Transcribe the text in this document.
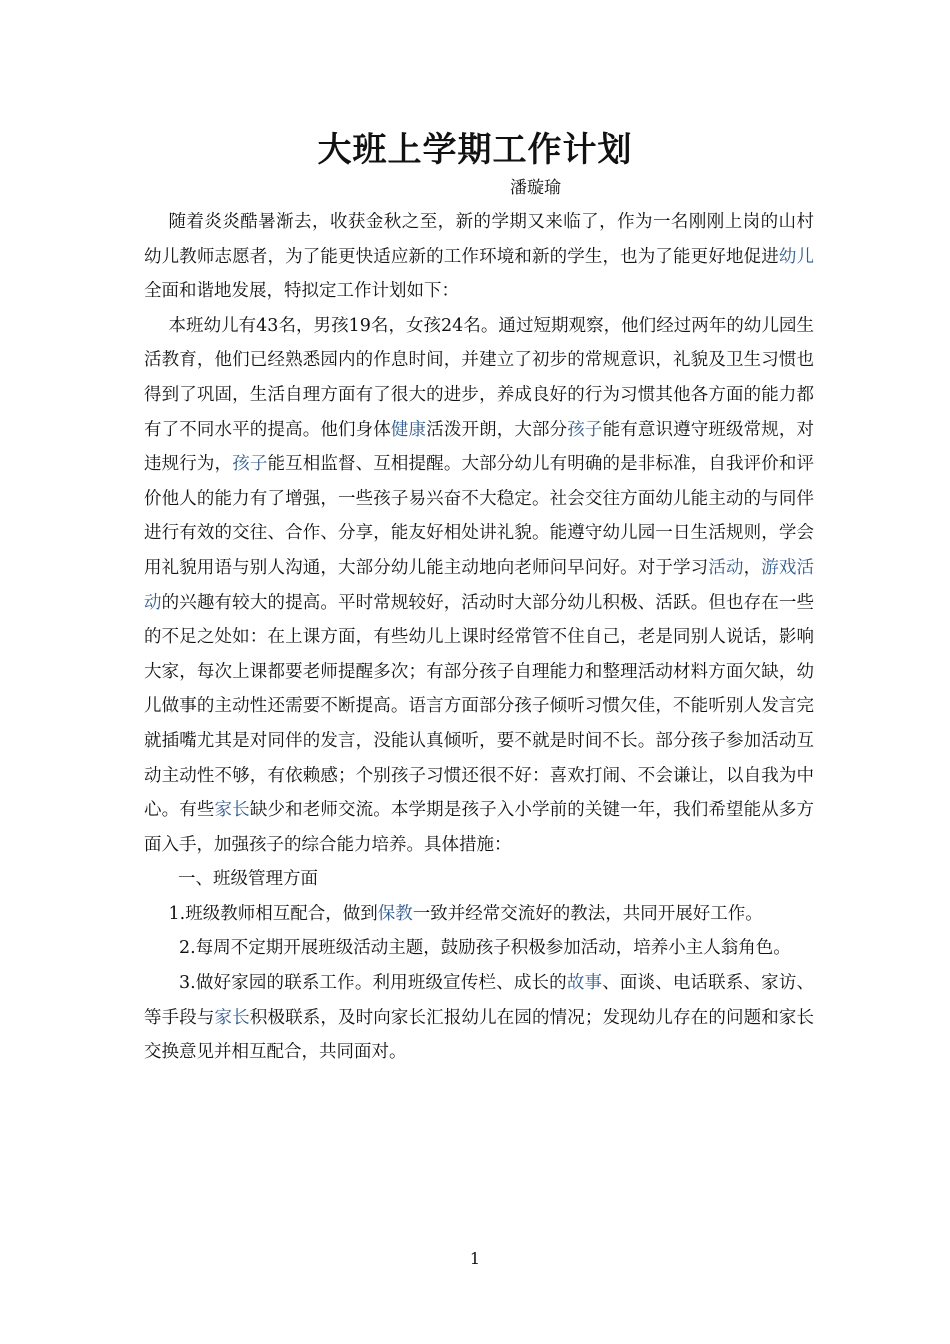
大班上学期工作计划
潘璇瑜

随着炎炎酷暑渐去，收获金秋之至，新的学期又来临了，作为一名刚刚上岗的山村幼儿教师志愿者，为了能更快适应新的工作环境和新的学生，也为了能更好地促进幼儿全面和谐地发展，特拟定工作计划如下：

本班幼儿有43名，男孩19名，女孩24名。通过短期观察，他们经过两年的幼儿园生活教育，他们已经熟悉园内的作息时间，并建立了初步的常规意识，礼貌及卫生习惯也得到了巩固，生活自理方面有了很大的进步，养成良好的行为习惯其他各方面的能力都有了不同水平的提高。他们身体健康活泼开朗，大部分孩子能有意识遵守班级常规，对违规行为，孩子能互相监督、互相提醒。大部分幼儿有明确的是非标准，自我评价和评价他人的能力有了增强，一些孩子易兴奋不大稳定。社会交往方面幼儿能主动的与同伴进行有效的交往、合作、分享，能友好相处讲礼貌。能遵守幼儿园一日生活规则，学会用礼貌用语与别人沟通，大部分幼儿能主动地向老师问早问好。对于学习活动，游戏活动的兴趣有较大的提高。平时常规较好，活动时大部分幼儿积极、活跃。但也存在一些的不足之处如：在上课方面，有些幼儿上课时经常管不住自己，老是同别人说话，影响大家，每次上课都要老师提醒多次；有部分孩子自理能力和整理活动材料方面欠缺，幼儿做事的主动性还需要不断提高。语言方面部分孩子倾听习惯欠佳，不能听别人发言完就插嘴尤其是对同伴的发言，没能认真倾听，要不就是时间不长。部分孩子参加活动互动主动性不够，有依赖感；个别孩子习惯还很不好：喜欢打闹、不会谦让，以自我为中心。有些家长缺少和老师交流。本学期是孩子入小学前的关键一年，我们希望能从多方面入手，加强孩子的综合能力培养。具体措施：

一、班级管理方面

1.班级教师相互配合，做到保教一致并经常交流好的教法，共同开展好工作。

2.每周不定期开展班级活动主题，鼓励孩子积极参加活动，培养小主人翁角色。

3.做好家园的联系工作。利用班级宣传栏、成长的故事、面谈、电话联系、家访、等手段与家长积极联系，及时向家长汇报幼儿在园的情况；发现幼儿存在的问题和家长交换意见并相互配合，共同面对。

1
